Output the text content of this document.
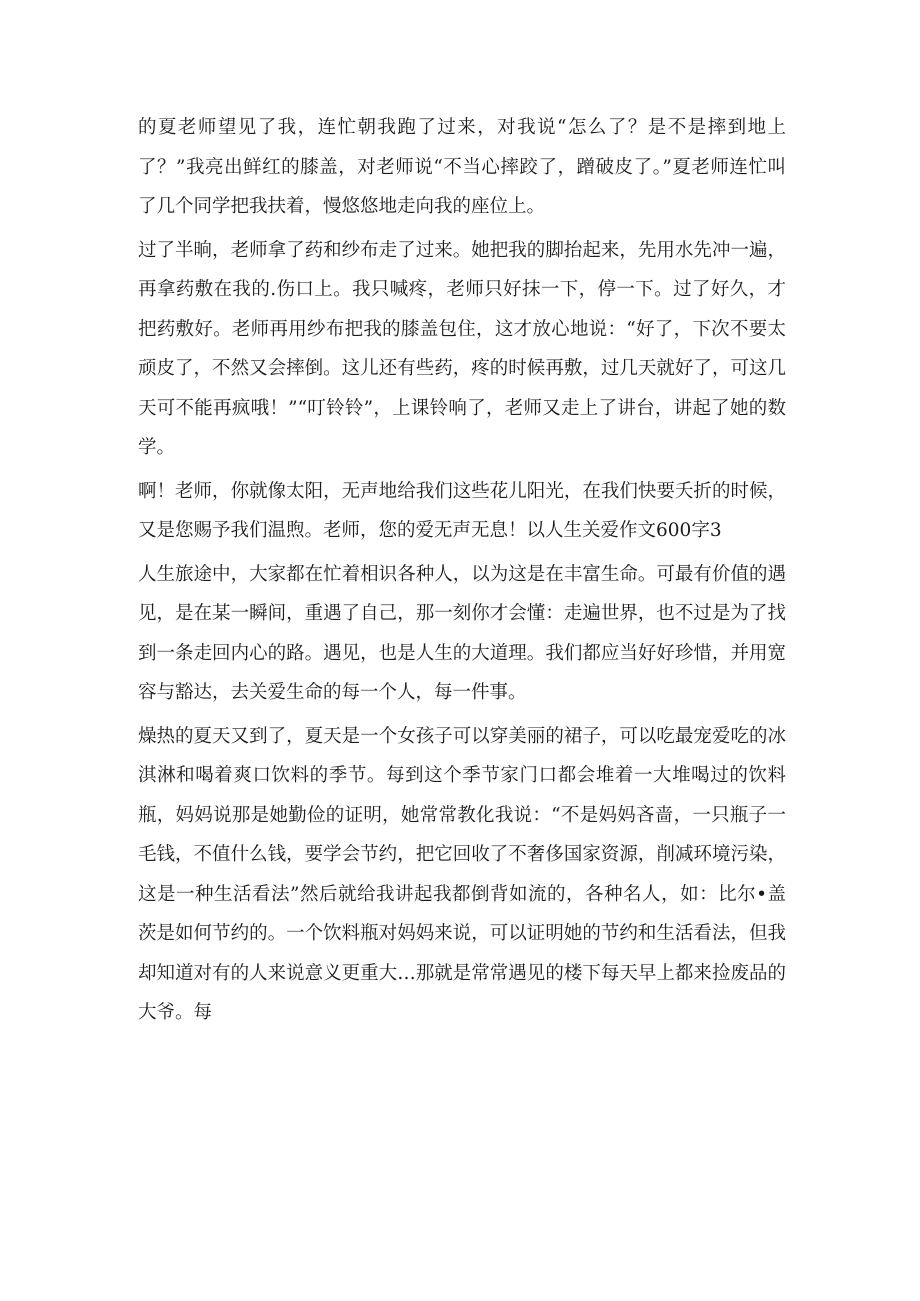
的夏老师望见了我，连忙朝我跑了过来，对我说“怎么了？是不是摔到地上了？”我亮出鲜红的膝盖，对老师说“不当心摔跤了，蹭破皮了。”夏老师连忙叫了几个同学把我扶着，慢悠悠地走向我的座位上。

过了半晌，老师拿了药和纱布走了过来。她把我的脚抬起来，先用水先冲一遍，再拿药敷在我的.伤口上。我只喊疼，老师只好抹一下，停一下。过了好久，才把药敷好。老师再用纱布把我的膝盖包住，这才放心地说：“好了，下次不要太顽皮了，不然又会摔倒。这儿还有些药，疼的时候再敷，过几天就好了，可这几天可不能再疯哦！”“叮铃铃”，上课铃响了，老师又走上了讲台，讲起了她的数学。

啊！老师，你就像太阳，无声地给我们这些花儿阳光，在我们快要夭折的时候，又是您赐予我们温煦。老师，您的爱无声无息！以人生关爱作文600字3

人生旅途中，大家都在忙着相识各种人，以为这是在丰富生命。可最有价值的遇见，是在某一瞬间，重遇了自己，那一刻你才会懂：走遍世界，也不过是为了找到一条走回内心的路。遇见，也是人生的大道理。我们都应当好好珍惜，并用宽容与豁达，去关爱生命的每一个人，每一件事。

燥热的夏天又到了，夏天是一个女孩子可以穿美丽的裙子，可以吃最宠爱吃的冰淇淋和喝着爽口饮料的季节。每到这个季节家门口都会堆着一大堆喝过的饮料瓶，妈妈说那是她勤俭的证明，她常常教化我说：“不是妈妈吝啬，一只瓶子一毛钱，不值什么钱，要学会节约，把它回收了不奢侈国家资源，削减环境污染，这是一种生活看法”然后就给我讲起我都倒背如流的，各种名人，如：比尔•盖茨是如何节约的。一个饮料瓶对妈妈来说，可以证明她的节约和生活看法，但我却知道对有的人来说意义更重大…那就是常常遇见的楼下每天早上都来捡废品的大爷。每
